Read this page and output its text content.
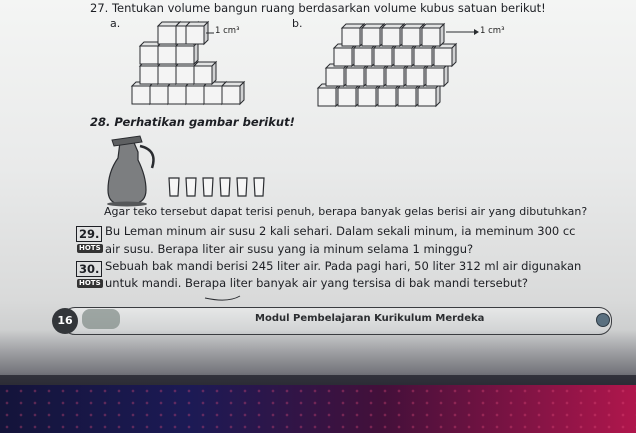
27. Tentukan volume bangun ruang berdasarkan volume kubus satuan berikut!
a.	b.
1 cm³	1 cm³
28. Perhatikan gambar berikut!
Agar teko tersebut dapat terisi penuh, berapa banyak gelas berisi air yang dibutuhkan?
29.
HOTS
Bu Leman minum air susu 2 kali sehari. Dalam sekali minum, ia meminum 300 cc
air susu. Berapa liter air susu yang ia minum selama 1 minggu?
30.
HOTS
Sebuah bak mandi berisi 245 liter air. Pada pagi hari, 50 liter 312 ml air digunakan
untuk mandi. Berapa liter banyak air yang tersisa di bak mandi tersebut?
16	Modul Pembelajaran Kurikulum Merdeka
